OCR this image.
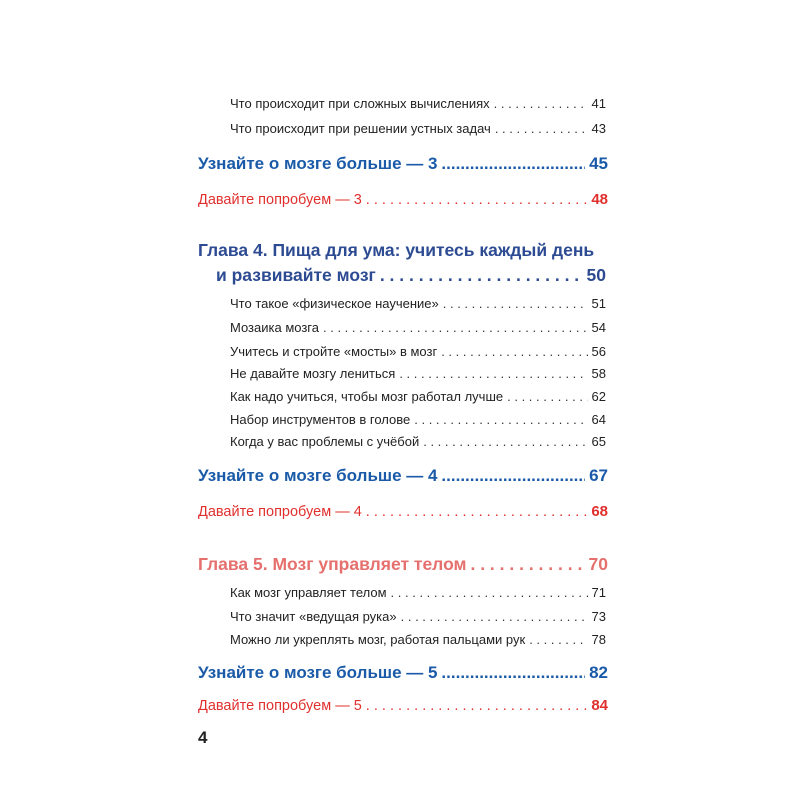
Что происходит при сложных вычислениях . . .	41
Что происходит при решении устных задач . . .	43
Узнайте о мозге больше — 3 .....	45
Давайте попробуем — 3 . . .	48
Глава 4. Пища для ума: учитесь каждый день
и развивайте мозг . . .	50
Что такое «физическое научение» . . .	51
Мозаика мозга . . .	54
Учитесь и стройте «мосты» в мозг . . .	56
Не давайте мозгу лениться . . .	58
Как надо учиться, чтобы мозг работал лучше . . .	62
Набор инструментов в голове . . .	64
Когда у вас проблемы с учёбой . . .	65
Узнайте о мозге больше — 4 .....	67
Давайте попробуем — 4 . . .	68
Глава 5. Мозг управляет телом . . .	70
Как мозг управляет телом . . .	71
Что значит «ведущая рука» . . .	73
Можно ли укреплять мозг, работая пальцами рук . . .	78
Узнайте о мозге больше — 5 .....	82
Давайте попробуем — 5 . . .	84
4
